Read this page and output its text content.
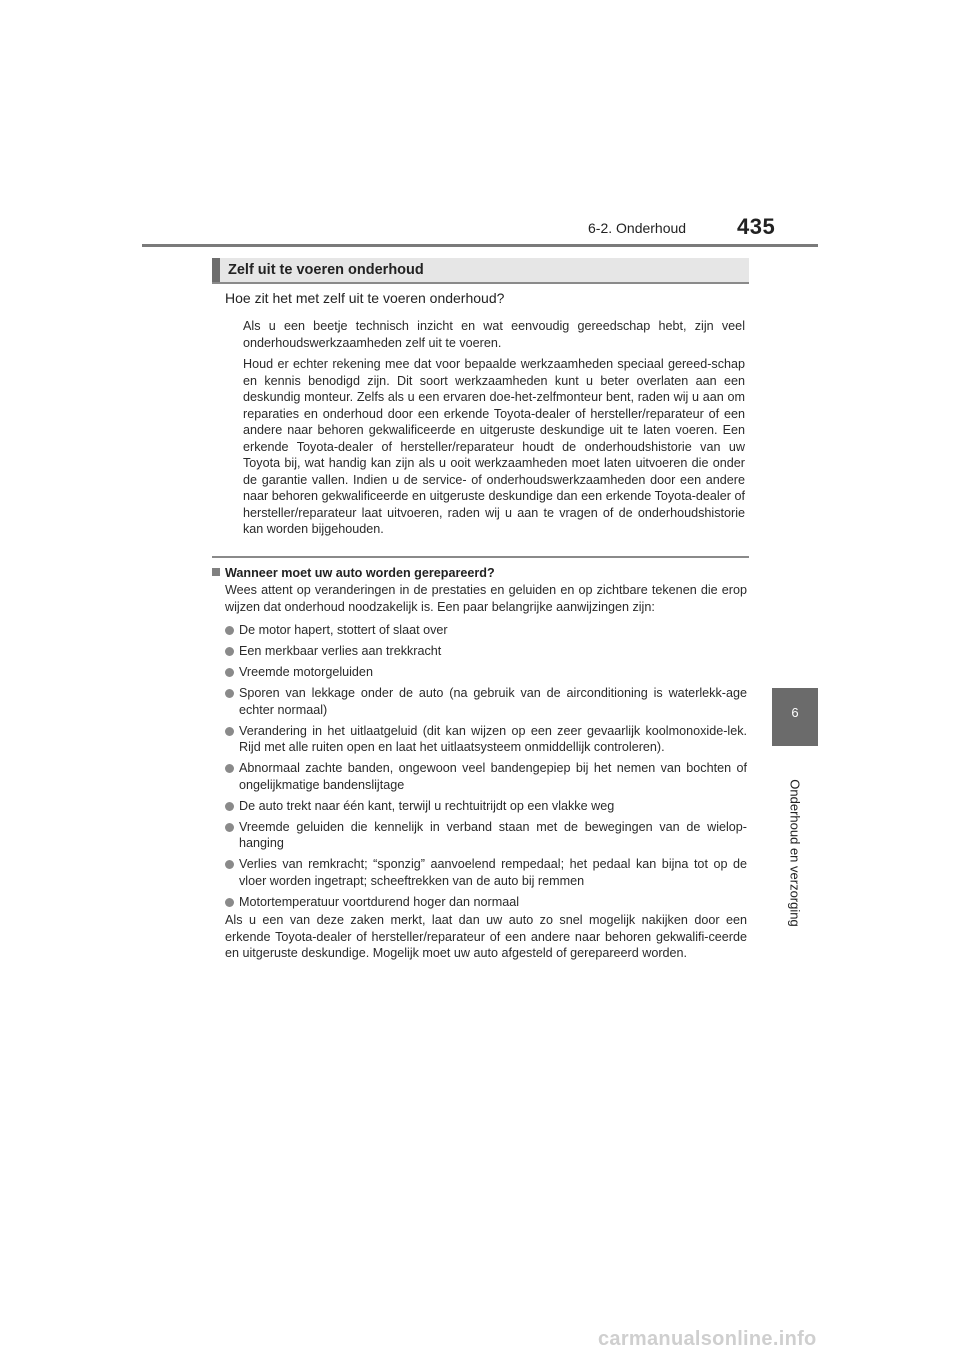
6-2. Onderhoud 435
6
Onderhoud en verzorging
Zelf uit te voeren onderhoud
Hoe zit het met zelf uit te voeren onderhoud?
Als u een beetje technisch inzicht en wat eenvoudig gereedschap hebt, zijn veel onderhoudswerkzaamheden zelf uit te voeren.
Houd er echter rekening mee dat voor bepaalde werkzaamheden speciaal gereed-schap en kennis benodigd zijn. Dit soort werkzaamheden kunt u beter overlaten aan een deskundig monteur. Zelfs als u een ervaren doe-het-zelfmonteur bent, raden wij u aan om reparaties en onderhoud door een erkende Toyota-dealer of hersteller/reparateur of een andere naar behoren gekwalificeerde en uitgeruste deskundige uit te laten voeren. Een erkende Toyota-dealer of hersteller/reparateur houdt de onderhoudshistorie van uw Toyota bij, wat handig kan zijn als u ooit werkzaamheden moet laten uitvoeren die onder de garantie vallen. Indien u de service- of onderhoudswerkzaamheden door een andere naar behoren gekwalificeerde en uitgeruste deskundige dan een erkende Toyota-dealer of hersteller/reparateur laat uitvoeren, raden wij u aan te vragen of de onderhoudshistorie kan worden bijgehouden.
Wanneer moet uw auto worden gerepareerd?
Wees attent op veranderingen in de prestaties en geluiden en op zichtbare tekenen die erop wijzen dat onderhoud noodzakelijk is. Een paar belangrijke aanwijzingen zijn:
De motor hapert, stottert of slaat over
Een merkbaar verlies aan trekkracht
Vreemde motorgeluiden
Sporen van lekkage onder de auto (na gebruik van de airconditioning is waterlekk-age echter normaal)
Verandering in het uitlaatgeluid (dit kan wijzen op een zeer gevaarlijk koolmonoxide-lek. Rijd met alle ruiten open en laat het uitlaatsysteem onmiddellijk controleren).
Abnormaal zachte banden, ongewoon veel bandengepiep bij het nemen van bochten of ongelijkmatige bandenslijtage
De auto trekt naar één kant, terwijl u rechtuitrijdt op een vlakke weg
Vreemde geluiden die kennelijk in verband staan met de bewegingen van de wielop-hanging
Verlies van remkracht; “sponzig” aanvoelend rempedaal; het pedaal kan bijna tot op de vloer worden ingetrapt; scheeftrekken van de auto bij remmen
Motortemperatuur voortdurend hoger dan normaal
Als u een van deze zaken merkt, laat dan uw auto zo snel mogelijk nakijken door een erkende Toyota-dealer of hersteller/reparateur of een andere naar behoren gekwalifi-ceerde en uitgeruste deskundige. Mogelijk moet uw auto afgesteld of gerepareerd worden.
carmanualsonline.info
